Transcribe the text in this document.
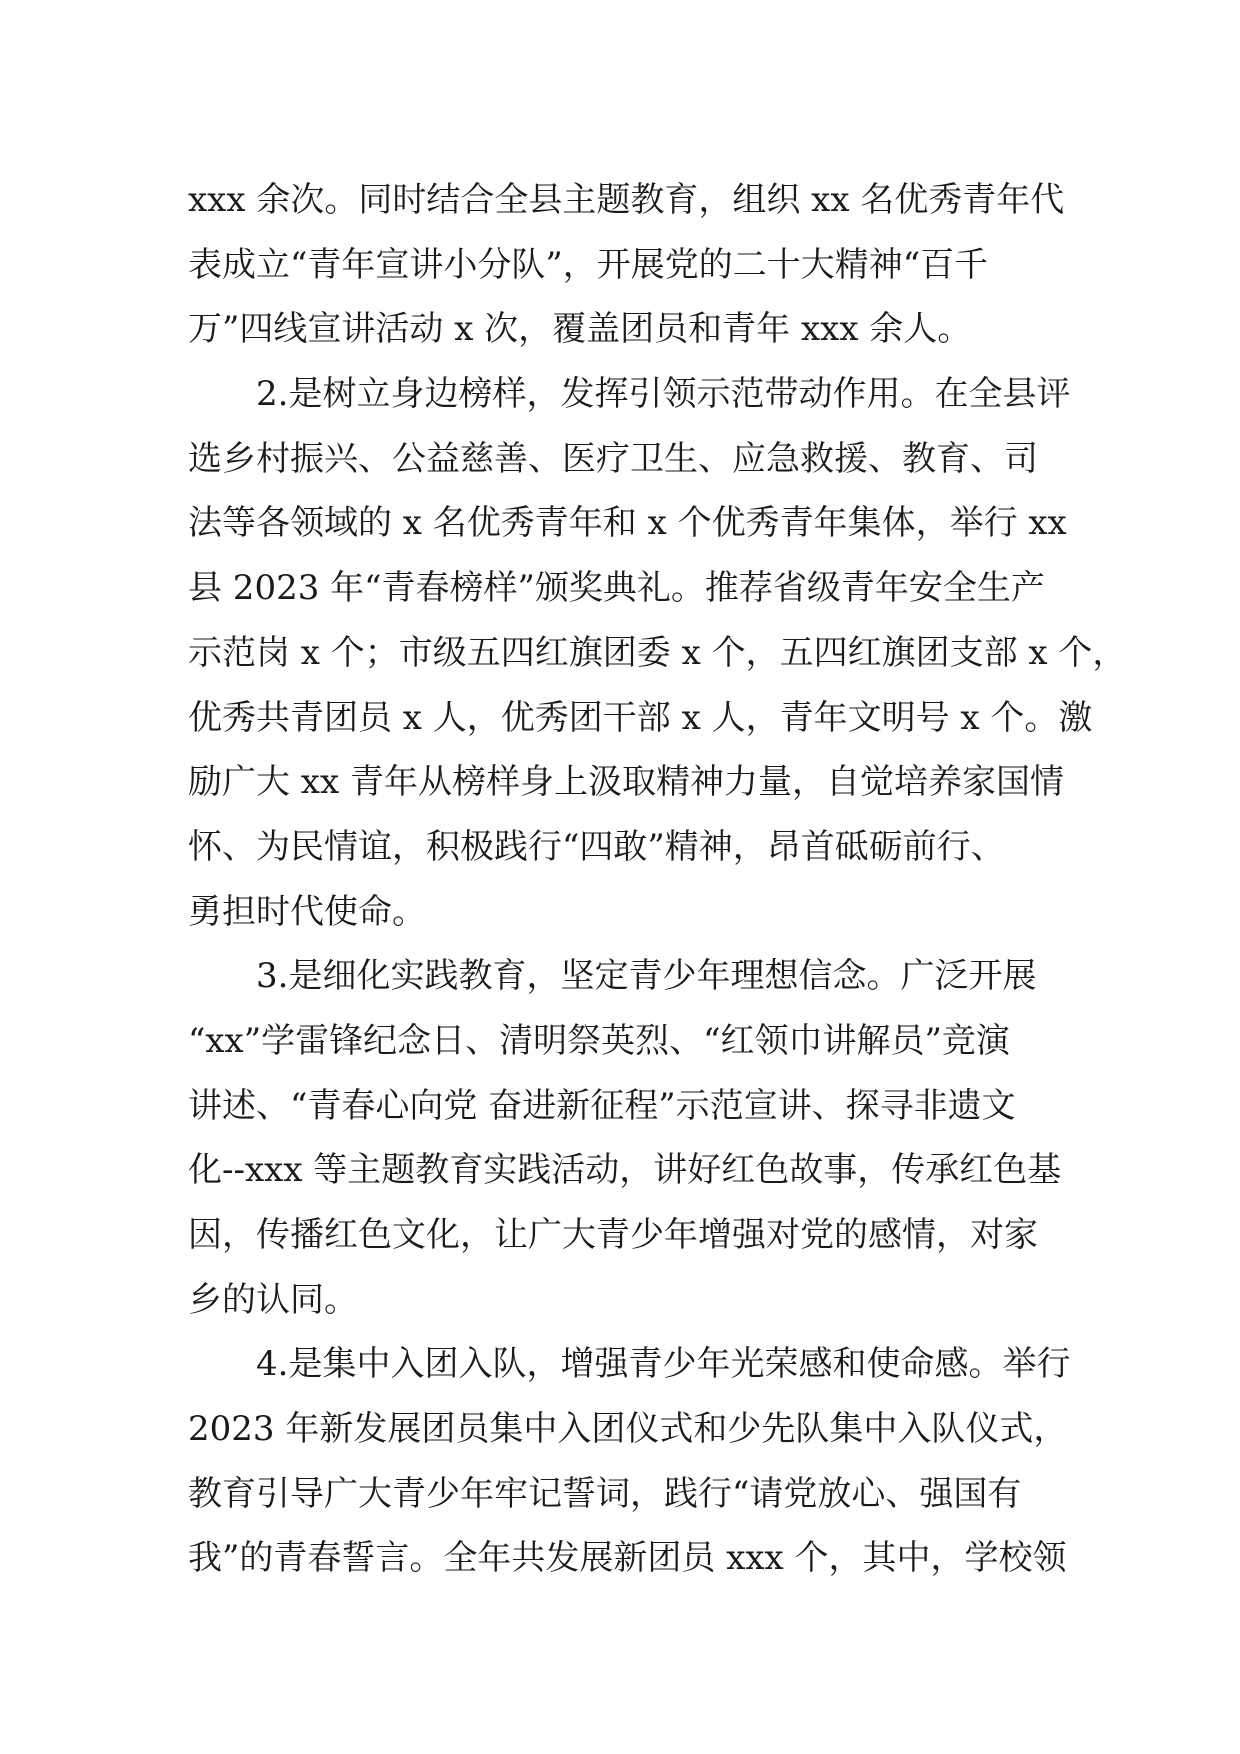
xxx 余次。同时结合全县主题教育，组织 xx 名优秀青年代
表成立“青年宣讲小分队”，开展党的二十大精神“百千
万”四线宣讲活动 x 次，覆盖团员和青年 xxx 余人。
2.是树立身边榜样，发挥引领示范带动作用。在全县评
选乡村振兴、公益慈善、医疗卫生、应急救援、教育、司
法等各领域的 x 名优秀青年和 x 个优秀青年集体，举行 xx
县 2023 年“青春榜样”颁奖典礼。推荐省级青年安全生产
示范岗 x 个；市级五四红旗团委 x 个，五四红旗团支部 x 个，
优秀共青团员 x 人，优秀团干部 x 人，青年文明号 x 个。激
励广大 xx 青年从榜样身上汲取精神力量，自觉培养家国情
怀、为民情谊，积极践行“四敢”精神，昂首砥砺前行、
勇担时代使命。
3.是细化实践教育，坚定青少年理想信念。广泛开展
“xx”学雷锋纪念日、清明祭英烈、“红领巾讲解员”竞演
讲述、“青春心向党 奋进新征程”示范宣讲、探寻非遗文
化--xxx 等主题教育实践活动，讲好红色故事，传承红色基
因，传播红色文化，让广大青少年增强对党的感情，对家
乡的认同。
4.是集中入团入队，增强青少年光荣感和使命感。举行
2023 年新发展团员集中入团仪式和少先队集中入队仪式，
教育引导广大青少年牢记誓词，践行“请党放心、强国有
我”的青春誓言。全年共发展新团员 xxx 个，其中，学校领
